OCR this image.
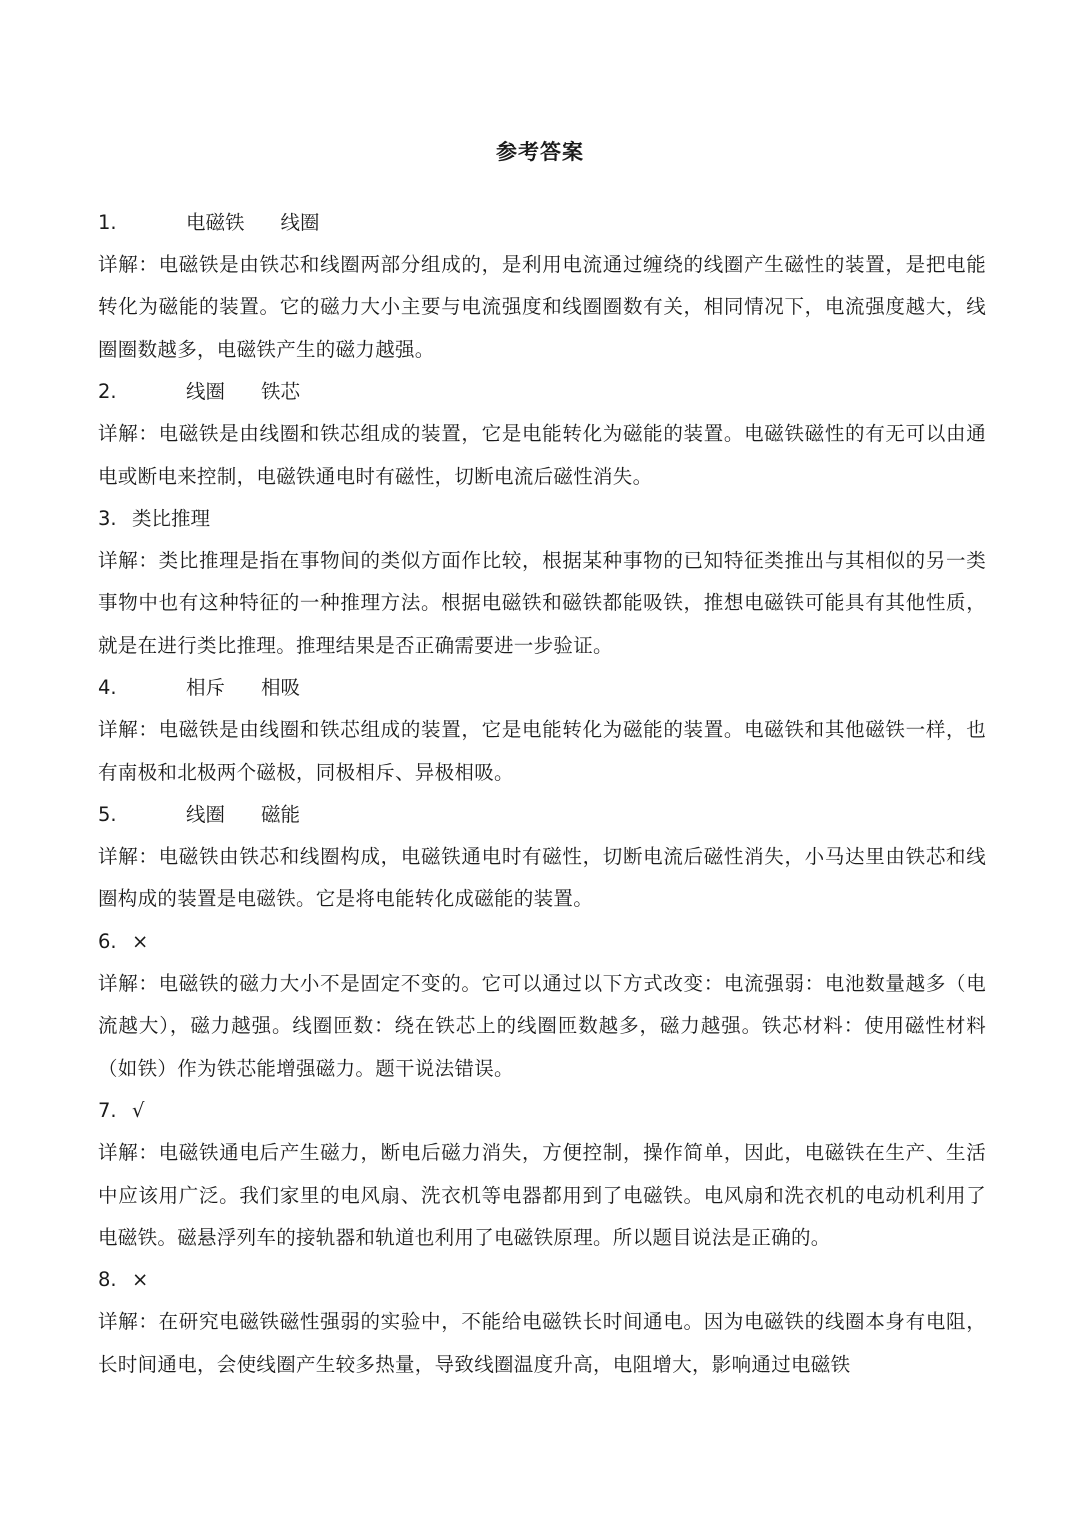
参考答案
1.	电磁铁 线圈
详解：电磁铁是由铁芯和线圈两部分组成的，是利用电流通过缠绕的线圈产生磁性的装置，是把电能转化为磁能的装置。它的磁力大小主要与电流强度和线圈圈数有关，相同情况下，电流强度越大，线圈圈数越多，电磁铁产生的磁力越强。
2.	线圈 铁芯
详解：电磁铁是由线圈和铁芯组成的装置，它是电能转化为磁能的装置。电磁铁磁性的有无可以由通电或断电来控制，电磁铁通电时有磁性，切断电流后磁性消失。
3. 类比推理
详解：类比推理是指在事物间的类似方面作比较，根据某种事物的已知特征类推出与其相似的另一类事物中也有这种特征的一种推理方法。根据电磁铁和磁铁都能吸铁，推想电磁铁可能具有其他性质，就是在进行类比推理。推理结果是否正确需要进一步验证。
4.	相斥 相吸
详解：电磁铁是由线圈和铁芯组成的装置，它是电能转化为磁能的装置。电磁铁和其他磁铁一样，也有南极和北极两个磁极，同极相斥、异极相吸。
5.	线圈 磁能
详解：电磁铁由铁芯和线圈构成，电磁铁通电时有磁性，切断电流后磁性消失，小马达里由铁芯和线圈构成的装置是电磁铁。它是将电能转化成磁能的装置。
6. ×
详解：电磁铁的磁力大小不是固定不变的。它可以通过以下方式改变：电流强弱：电池数量越多（电流越大），磁力越强。线圈匝数：绕在铁芯上的线圈匝数越多，磁力越强。铁芯材料：使用磁性材料（如铁）作为铁芯能增强磁力。题干说法错误。
7. √
详解：电磁铁通电后产生磁力，断电后磁力消失，方便控制，操作简单，因此，电磁铁在生产、生活中应该用广泛。我们家里的电风扇、洗衣机等电器都用到了电磁铁。电风扇和洗衣机的电动机利用了电磁铁。磁悬浮列车的接轨器和轨道也利用了电磁铁原理。所以题目说法是正确的。
8. ×
详解：在研究电磁铁磁性强弱的实验中，不能给电磁铁长时间通电。因为电磁铁的线圈本身有电阻，长时间通电，会使线圈产生较多热量，导致线圈温度升高，电阻增大，影响通过电磁铁
